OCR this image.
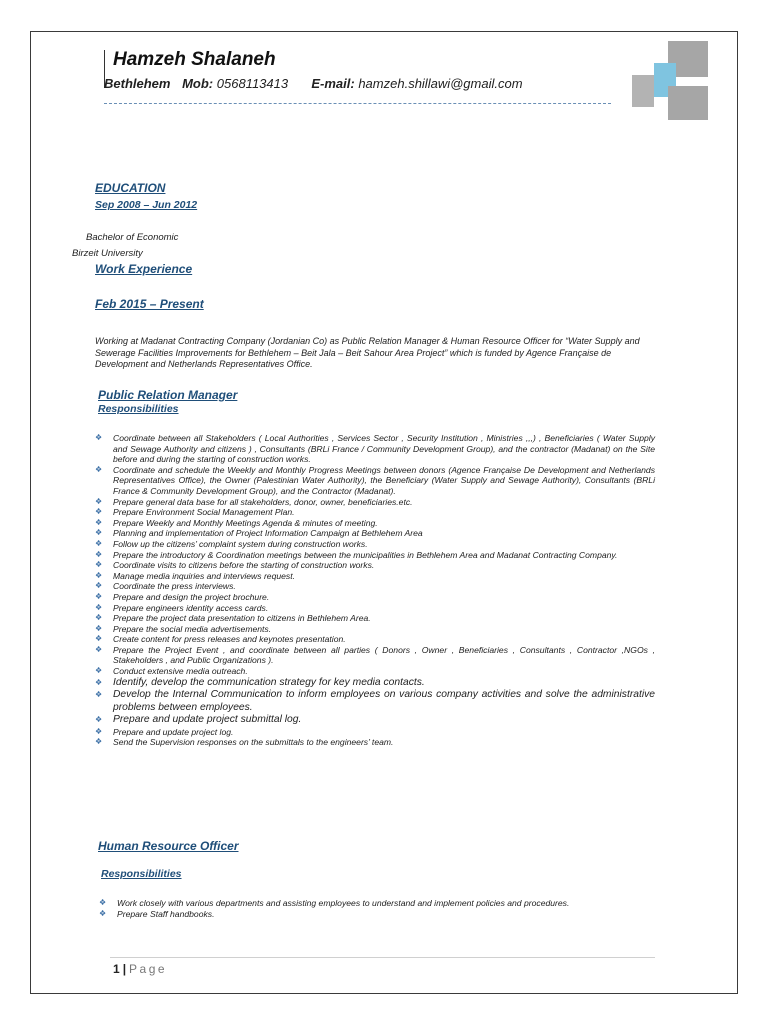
Hamzeh Shalaneh
Bethlehem Mob: 0568113413 E-mail: hamzeh.shillawi@gmail.com
EDUCATION
Sep 2008 – Jun 2012
Bachelor of Economic
Birzeit University
Work Experience
Feb 2015 – Present
Working at Madanat Contracting Company (Jordanian Co) as Public Relation Manager & Human Resource Officer for “Water Supply and Sewerage Facilities Improvements for Bethlehem – Beit Jala – Beit Sahour Area Project” which is funded by Agence Française de Development and Netherlands Representatives Office.
Public Relation Manager
Responsibilities
❖ Coordinate between all Stakeholders ( Local Authorities , Services Sector , Security Institution , Ministries ,,,) , Beneficiaries ( Water Supply and Sewage Authority and citizens ) , Consultants (BRLi France / Community Development Group), and the contractor (Madanat) on the Site before and during the starting of construction works.
❖ Coordinate and schedule the Weekly and Monthly Progress Meetings between donors (Agence Française De Development and Netherlands Representatives Office), the Owner (Palestinian Water Authority), the Beneficiary (Water Supply and Sewage Authority), Consultants (BRLi France & Community Development Group), and the Contractor (Madanat).
❖ Prepare general data base for all stakeholders, donor, owner, beneficiaries.etc.
❖ Prepare Environment Social Management Plan.
❖ Prepare Weekly and Monthly Meetings Agenda & minutes of meeting.
❖ Planning and implementation of Project Information Campaign at Bethlehem Area
❖ Follow up the citizens’ complaint system during construction works.
❖ Prepare the introductory & Coordination meetings between the municipalities in Bethlehem Area and Madanat Contracting Company.
❖ Coordinate visits to citizens before the starting of construction works.
❖ Manage media inquiries and interviews request.
❖ Coordinate the press interviews.
❖ Prepare and design the project brochure.
❖ Prepare engineers identity access cards.
❖ Prepare the project data presentation to citizens in Bethlehem Area.
❖ Prepare the social media advertisements.
❖ Create content for press releases and keynotes presentation.
❖ Prepare the Project Event , and coordinate between all parties ( Donors , Owner , Beneficiaries , Consultants , Contractor ,NGOs , Stakeholders , and Public Organizations ).
❖ Conduct extensive media outreach.
❖ Identify, develop the communication strategy for key media contacts.
❖ Develop the Internal Communication to inform employees on various company activities and solve the administrative problems between employees.
❖ Prepare and update project submittal log.
❖ Prepare and update project log.
❖ Send the Supervision responses on the submittals to the engineers’ team.
Human Resource Officer
Responsibilities
❖ Work closely with various departments and assisting employees to understand and implement policies and procedures.
❖ Prepare Staff handbooks.
1 | Page
